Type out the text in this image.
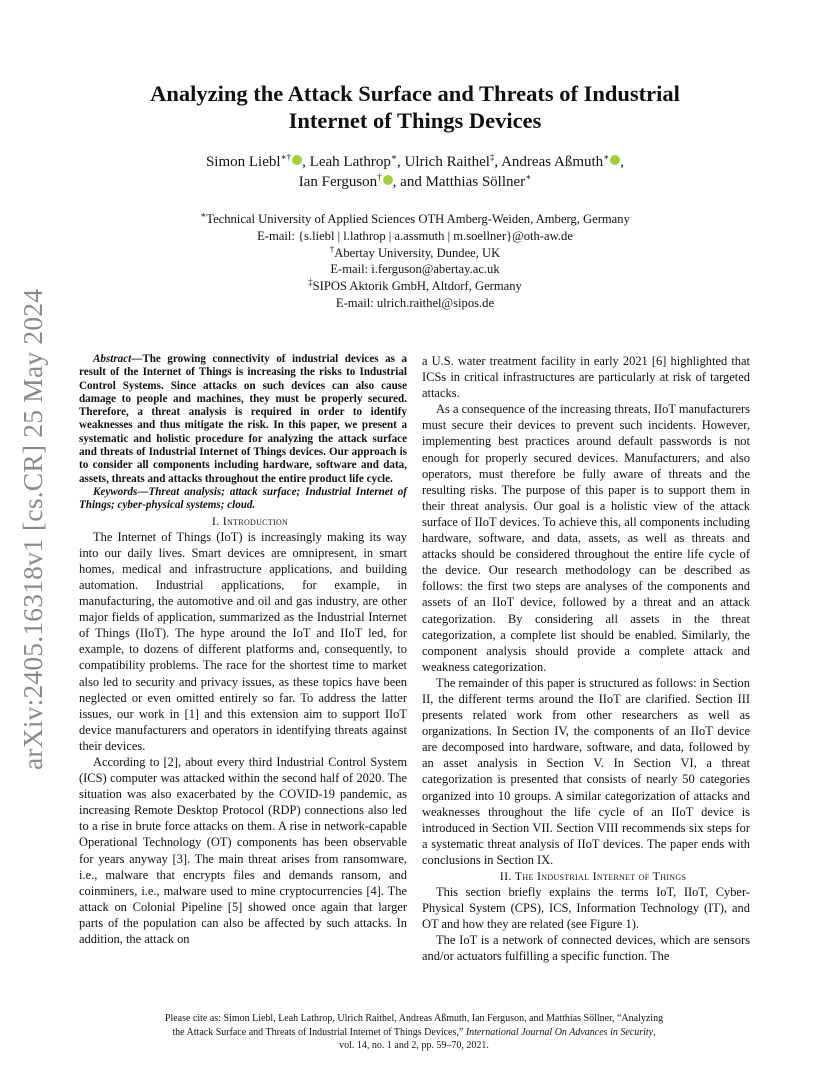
arXiv:2405.16318v1 [cs.CR] 25 May 2024
Analyzing the Attack Surface and Threats of Industrial Internet of Things Devices
Simon Liebl∗† , Leah Lathrop∗, Ulrich Raithel‡, Andreas Aßmuth∗ ,
Ian Ferguson† , and Matthias Söllner∗
∗Technical University of Applied Sciences OTH Amberg-Weiden, Amberg, Germany
E-mail: {s.liebl | l.lathrop | a.assmuth | m.soellner}@oth-aw.de
†Abertay University, Dundee, UK
E-mail: i.ferguson@abertay.ac.uk
‡SIPOS Aktorik GmbH, Altdorf, Germany
E-mail: ulrich.raithel@sipos.de

Abstract—The growing connectivity of industrial devices as a result of the Internet of Things is increasing the risks to Industrial Control Systems. Since attacks on such devices can also cause damage to people and machines, they must be properly secured. Therefore, a threat analysis is required in order to identify weaknesses and thus mitigate the risk. In this paper, we present a systematic and holistic procedure for analyzing the attack surface and threats of Industrial Internet of Things devices. Our approach is to consider all components including hardware, software and data, assets, threats and attacks throughout the entire product life cycle.

Keywords—Threat analysis; attack surface; Industrial Internet of Things; cyber-physical systems; cloud.

I. Introduction

The Internet of Things (IoT) is increasingly making its way into our daily lives. Smart devices are omnipresent, in smart homes, medical and infrastructure applications, and building automation. Industrial applications, for example, in manufacturing, the automotive and oil and gas industry, are other major fields of application, summarized as the Industrial Internet of Things (IIoT). The hype around the IoT and IIoT led, for example, to dozens of different platforms and, consequently, to compatibility problems. The race for the shortest time to market also led to security and privacy issues, as these topics have been neglected or even omitted entirely so far. To address the latter issues, our work in [1] and this extension aim to support IIoT device manufacturers and operators in identifying threats against their devices.

According to [2], about every third Industrial Control System (ICS) computer was attacked within the second half of 2020. The situation was also exacerbated by the COVID-19 pandemic, as increasing Remote Desktop Protocol (RDP) connections also led to a rise in brute force attacks on them. A rise in network-capable Operational Technology (OT) components has been observable for years anyway [3]. The main threat arises from ransomware, i.e., malware that encrypts files and demands ransom, and coinminers, i.e., malware used to mine cryptocurrencies [4]. The attack on Colonial Pipeline [5] showed once again that larger parts of the population can also be affected by such attacks. In addition, the attack on

a U.S. water treatment facility in early 2021 [6] highlighted that ICSs in critical infrastructures are particularly at risk of targeted attacks.

As a consequence of the increasing threats, IIoT manufacturers must secure their devices to prevent such incidents. However, implementing best practices around default passwords is not enough for properly secured devices. Manufacturers, and also operators, must therefore be fully aware of threats and the resulting risks. The purpose of this paper is to support them in their threat analysis. Our goal is a holistic view of the attack surface of IIoT devices. To achieve this, all components including hardware, software, and data, assets, as well as threats and attacks should be considered throughout the entire life cycle of the device. Our research methodology can be described as follows: the first two steps are analyses of the components and assets of an IIoT device, followed by a threat and an attack categorization. By considering all assets in the threat categorization, a complete list should be enabled. Similarly, the component analysis should provide a complete attack and weakness categorization.

The remainder of this paper is structured as follows: in Section II, the different terms around the IIoT are clarified. Section III presents related work from other researchers as well as organizations. In Section IV, the components of an IIoT device are decomposed into hardware, software, and data, followed by an asset analysis in Section V. In Section VI, a threat categorization is presented that consists of nearly 50 categories organized into 10 groups. A similar categorization of attacks and weaknesses throughout the life cycle of an IIoT device is introduced in Section VII. Section VIII recommends six steps for a systematic threat analysis of IIoT devices. The paper ends with conclusions in Section IX.

II. The Industrial Internet of Things

This section briefly explains the terms IoT, IIoT, Cyber-Physical System (CPS), ICS, Information Technology (IT), and OT and how they are related (see Figure 1).

The IoT is a network of connected devices, which are sensors and/or actuators fulfilling a specific function. The

Please cite as: Simon Liebl, Leah Lathrop, Ulrich Raithel, Andreas Aßmuth, Ian Ferguson, and Matthias Söllner, “Analyzing
the Attack Surface and Threats of Industrial Internet of Things Devices,” International Journal On Advances in Security,
vol. 14, no. 1 and 2, pp. 59–70, 2021.
